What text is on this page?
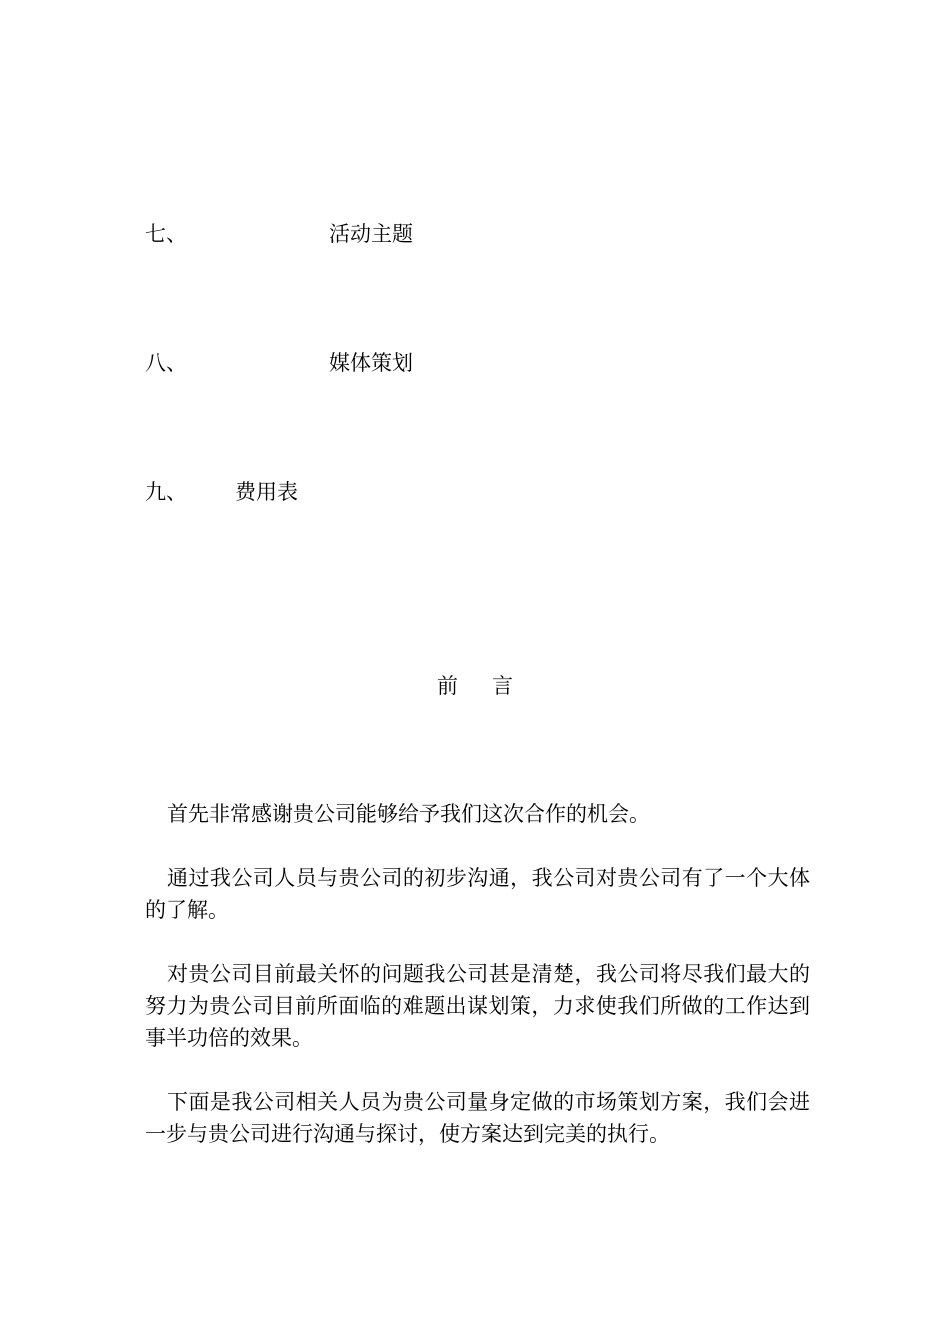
七、	活动主题
八、	媒体策划
九、 费用表
前 言

首先非常感谢贵公司能够给予我们这次合作的机会。

通过我公司人员与贵公司的初步沟通，我公司对贵公司有了一个大体的了解。

对贵公司目前最关怀的问题我公司甚是清楚，我公司将尽我们最大的努力为贵公司目前所面临的难题出谋划策，力求使我们所做的工作达到事半功倍的效果。

下面是我公司相关人员为贵公司量身定做的市场策划方案，我们会进一步与贵公司进行沟通与探讨，使方案达到完美的执行。
